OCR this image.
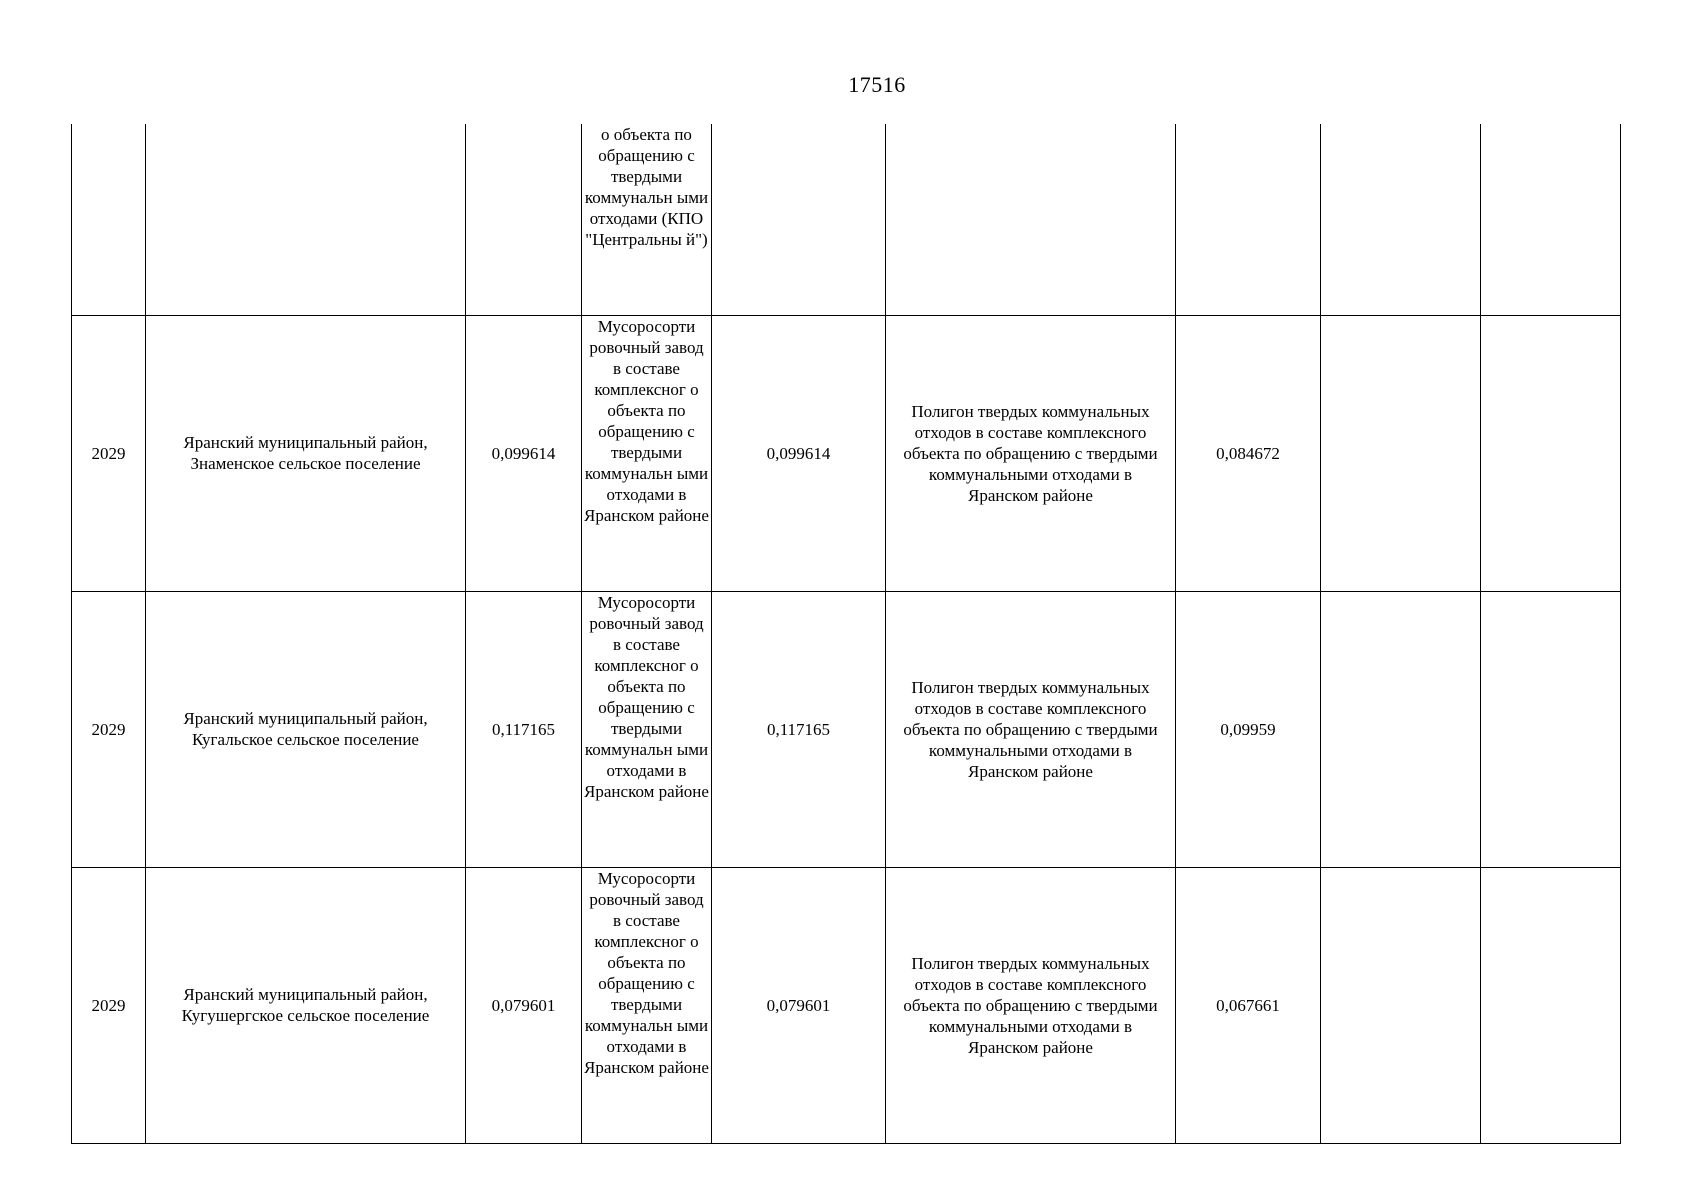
17516
			о объекта по обращению с твердыми коммунальн ыми отходами (КПО "Центральны й")					
2029	Яранский муниципальный район, Знаменское сельское поселение	0,099614	Мусоросорти ровочный завод в составе комплексног о объекта по обращению с твердыми коммунальн ыми отходами в Яранском районе	0,099614	Полигон твердых коммунальных отходов в составе комплексного объекта по обращению с твердыми коммунальными отходами в Яранском районе	0,084672		
2029	Яранский муниципальный район, Кугальское сельское поселение	0,117165	Мусоросорти ровочный завод в составе комплексног о объекта по обращению с твердыми коммунальн ыми отходами в Яранском районе	0,117165	Полигон твердых коммунальных отходов в составе комплексного объекта по обращению с твердыми коммунальными отходами в Яранском районе	0,09959		
2029	Яранский муниципальный район, Кугушергское сельское поселение	0,079601	Мусоросорти ровочный завод в составе комплексног о объекта по обращению с твердыми коммунальн ыми отходами в Яранском районе	0,079601	Полигон твердых коммунальных отходов в составе комплексного объекта по обращению с твердыми коммунальными отходами в Яранском районе	0,067661		
